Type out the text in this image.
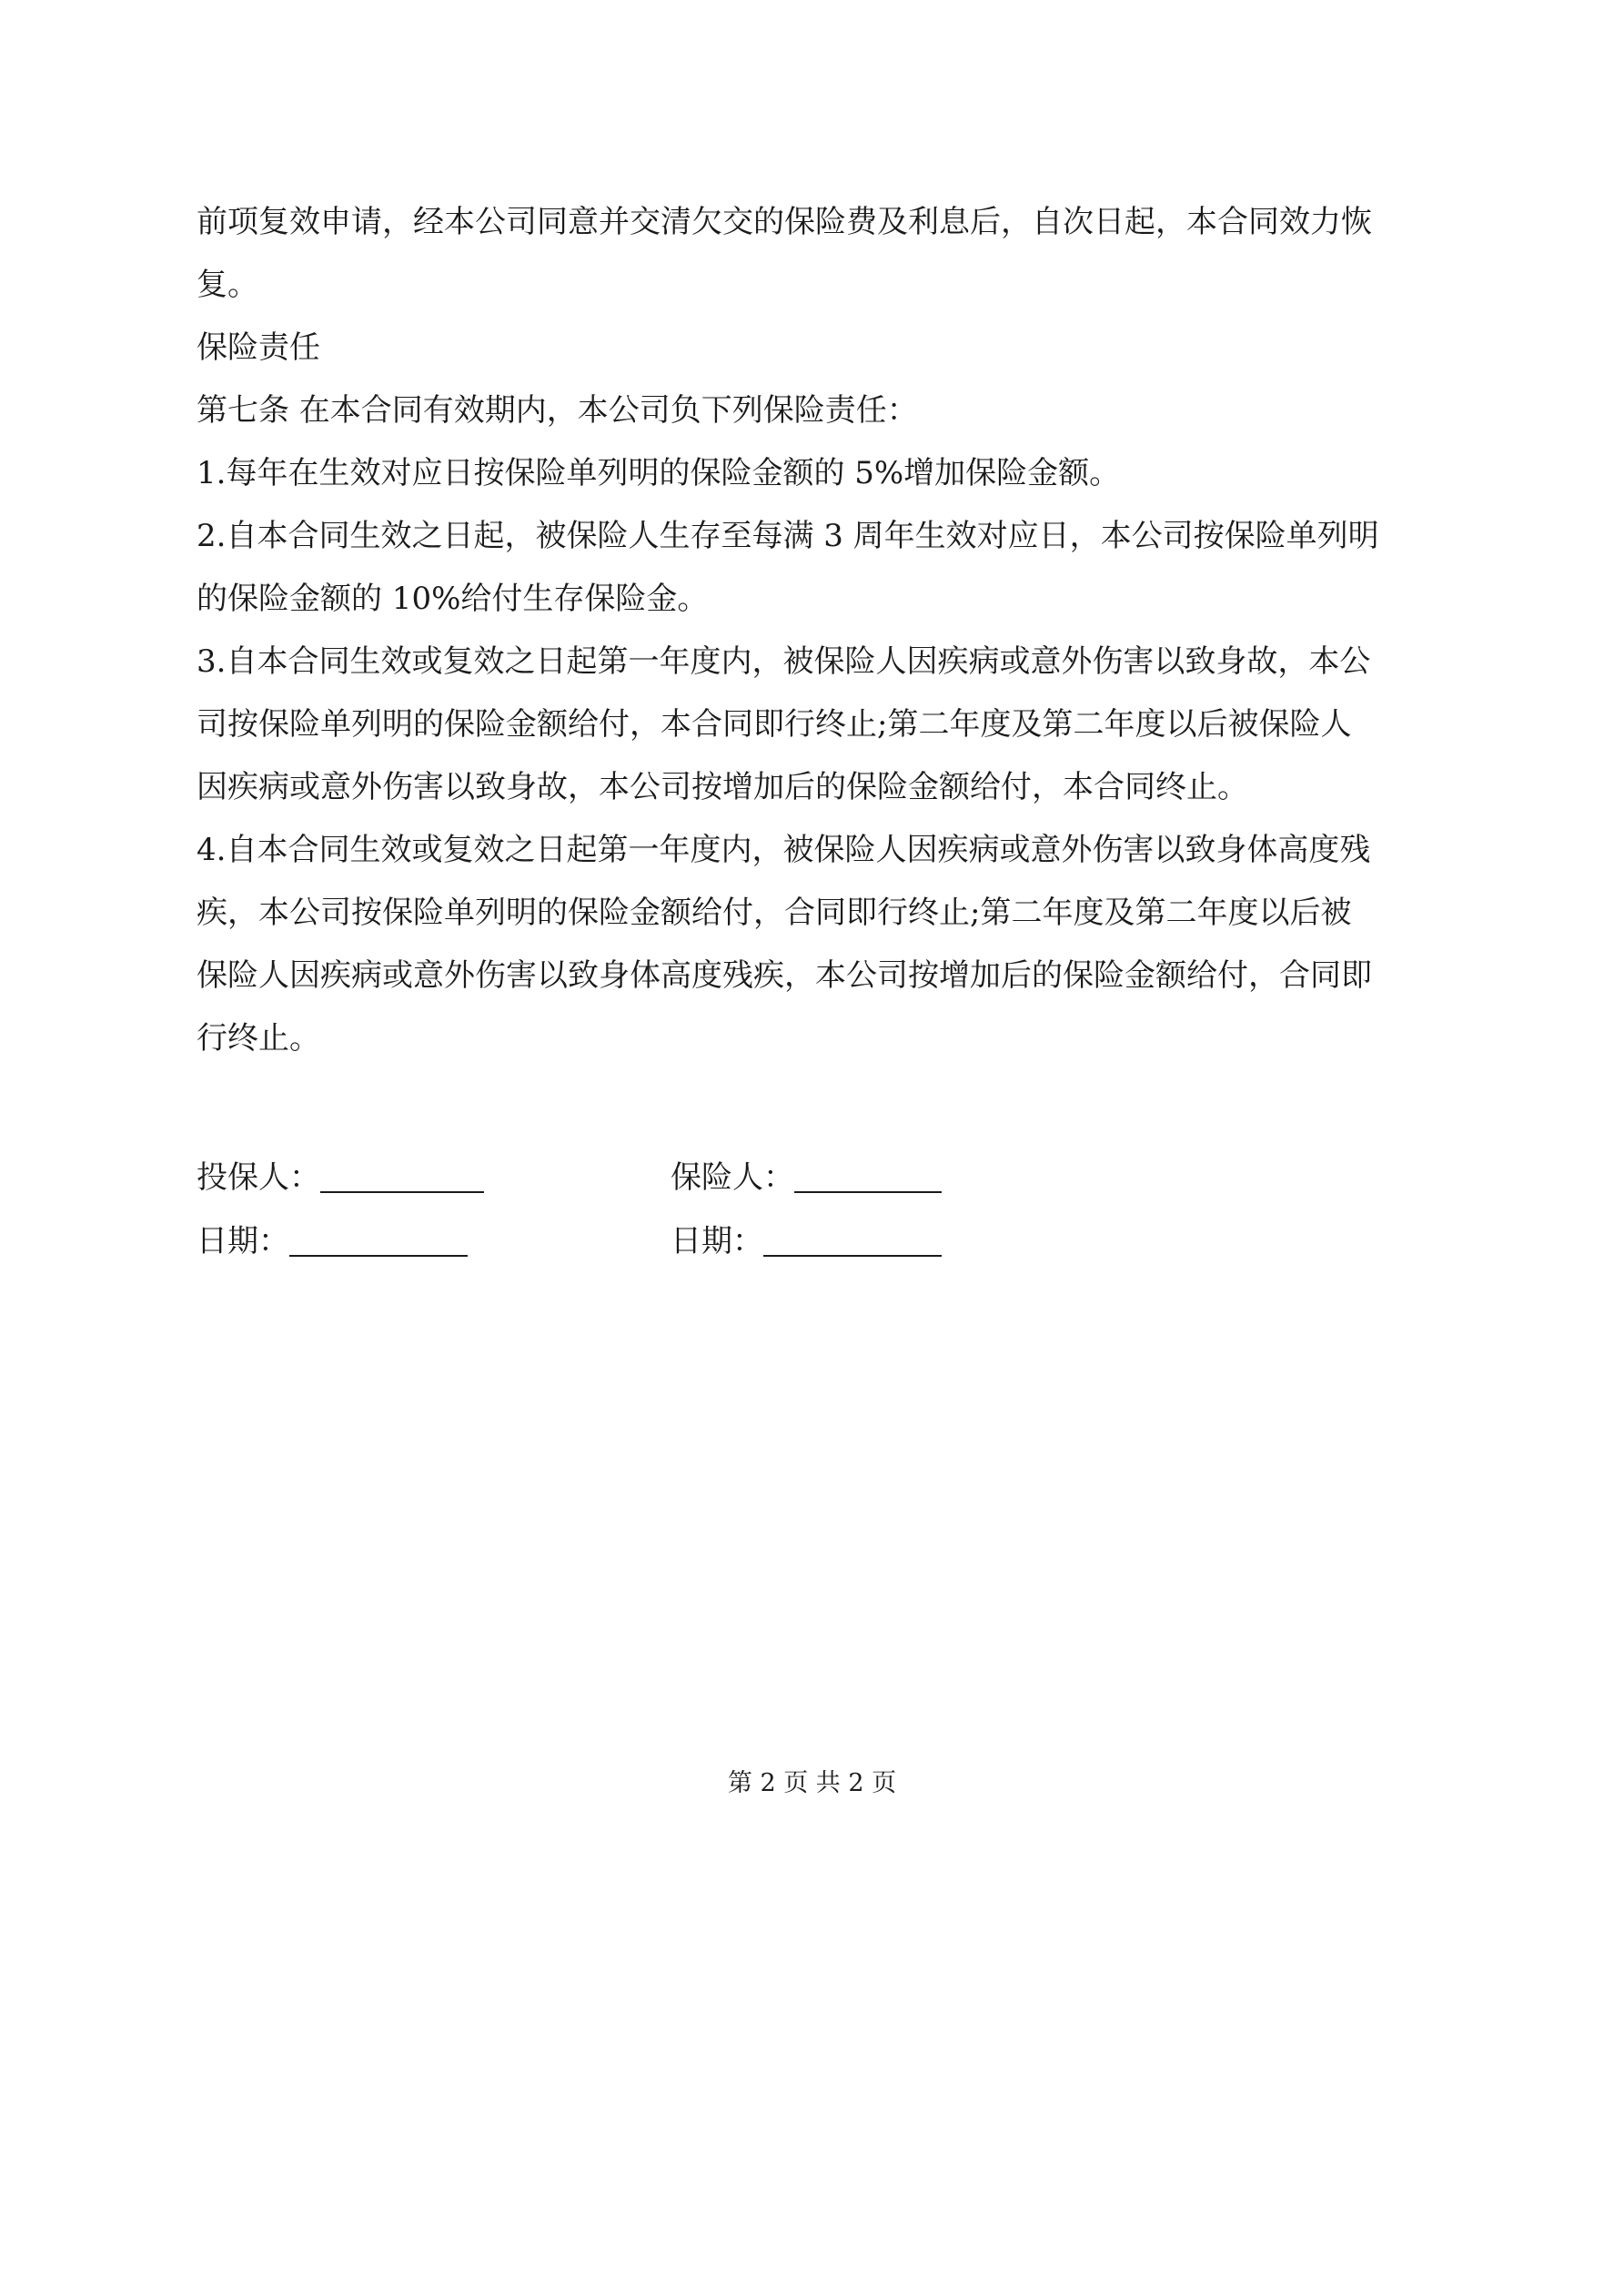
前项复效申请，经本公司同意并交清欠交的保险费及利息后，自次日起，本合同效力恢
复。
保险责任
第七条 在本合同有效期内，本公司负下列保险责任：
1.每年在生效对应日按保险单列明的保险金额的 5%增加保险金额。
2.自本合同生效之日起，被保险人生存至每满 3 周年生效对应日，本公司按保险单列明
的保险金额的 10%给付生存保险金。
3.自本合同生效或复效之日起第一年度内，被保险人因疾病或意外伤害以致身故，本公
司按保险单列明的保险金额给付，本合同即行终止;第二年度及第二年度以后被保险人
因疾病或意外伤害以致身故，本公司按增加后的保险金额给付，本合同终止。
4.自本合同生效或复效之日起第一年度内，被保险人因疾病或意外伤害以致身体高度残
疾，本公司按保险单列明的保险金额给付，合同即行终止;第二年度及第二年度以后被
保险人因疾病或意外伤害以致身体高度残疾，本公司按增加后的保险金额给付，合同即
行终止。
投保人：	保险人：
日期：	日期：
第 2 页 共 2 页
